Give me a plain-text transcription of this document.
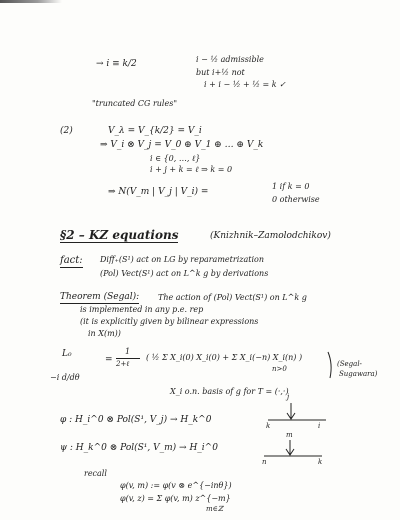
→ i ≡ k/2	i − ½ admissible
but i+½ not
i + i − ½ + ½ = k ✓
"truncated CG rules"
(2)	V_λ = V_{k/2} = V_i
⇒ V_i ⊗ V_j = V_0 ⊕ V_1 ⊕ … ⊕ V_k
i ∈ {0, …, ℓ}
i + j + k = ℓ ⇒ k = 0
⇒ N(V_m | V_j | V_i) =
1 if k = 0
0 otherwise
§2 – KZ equations	(Knizhnik–Zamolodchikov)
fact: Diff₊(S¹) act on LG by reparametrization
(Pol) Vect(S¹) act on L^k g by derivations
Theorem (Segal): The action of (Pol) Vect(S¹) on L^k g
is implemented in any p.e. rep
(it is explicitly given by bilinear expressions
in X(m))
L₀
=
1
2+ℓ
( ½ Σ X_i(0) X_i(0) + Σ X_i(−n) X_i(n) )
n>0
(Segal-
Sugawara)
−i d/dθ
X_i o.n. basis of g for T = (·,·)
φ : H_i^0 ⊗ Pol(S¹, V_j) → H_k^0
ψ : H_k^0 ⊗ Pol(S¹, V_m) → H_i^0
j
k	i
m
n	k
recall
φ(v, m) := φ(v ⊗ e^{−inθ})
φ(v, z) = Σ φ(v, m) z^{−m}
m∈ℤ
